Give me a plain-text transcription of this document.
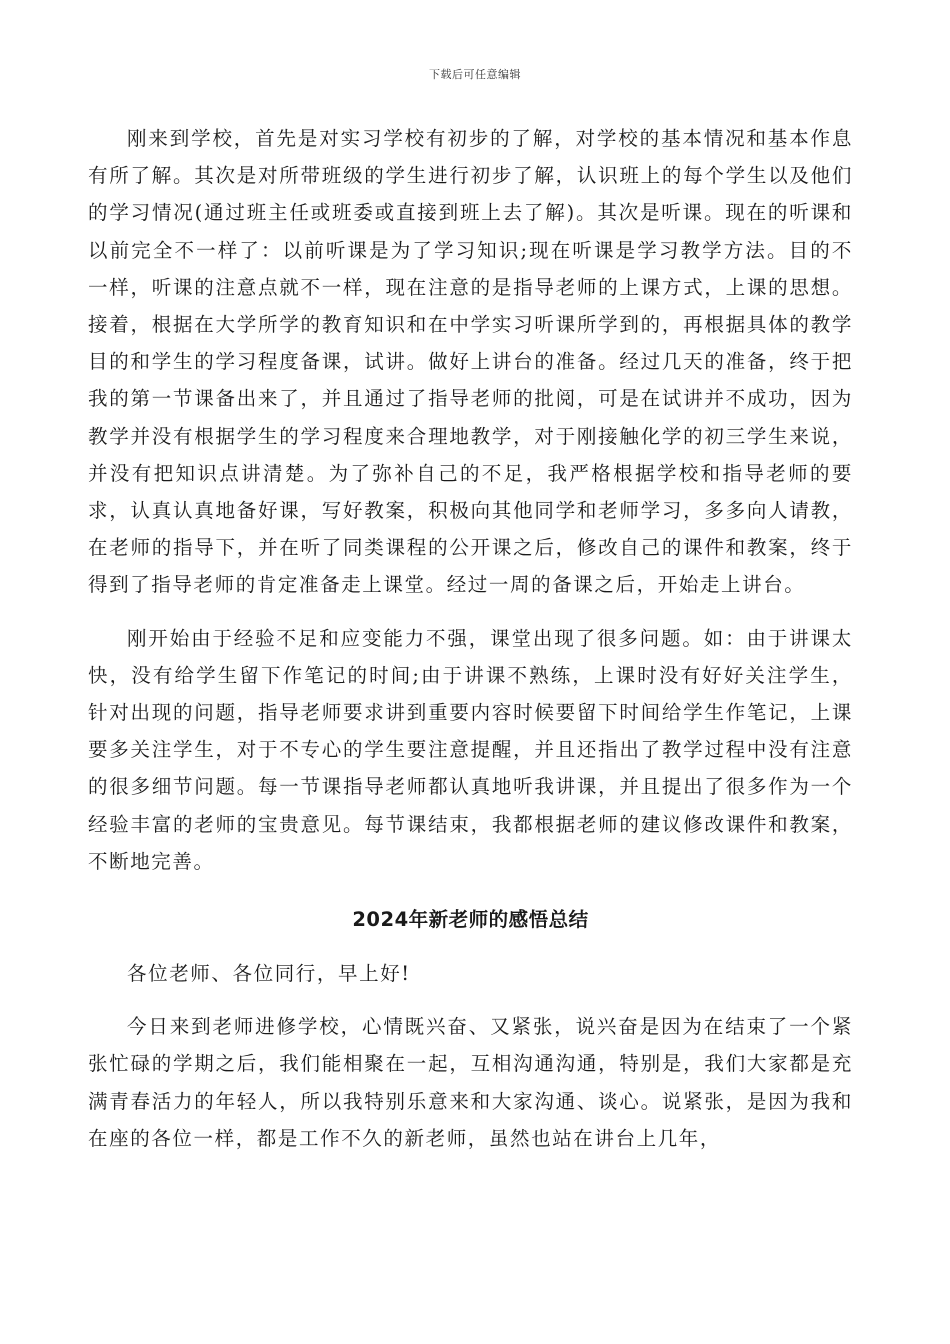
下载后可任意编辑

刚来到学校，首先是对实习学校有初步的了解，对学校的基本情况和基本作息有所了解。其次是对所带班级的学生进行初步了解，认识班上的每个学生以及他们的学习情况(通过班主任或班委或直接到班上去了解)。其次是听课。现在的听课和以前完全不一样了：以前听课是为了学习知识;现在听课是学习教学方法。目的不一样，听课的注意点就不一样，现在注意的是指导老师的上课方式，上课的思想。接着，根据在大学所学的教育知识和在中学实习听课所学到的，再根据具体的教学目的和学生的学习程度备课，试讲。做好上讲台的准备。经过几天的准备，终于把我的第一节课备出来了，并且通过了指导老师的批阅，可是在试讲并不成功，因为教学并没有根据学生的学习程度来合理地教学，对于刚接触化学的初三学生来说，并没有把知识点讲清楚。为了弥补自己的不足，我严格根据学校和指导老师的要求，认真认真地备好课，写好教案，积极向其他同学和老师学习，多多向人请教，在老师的指导下，并在听了同类课程的公开课之后，修改自己的课件和教案，终于得到了指导老师的肯定准备走上课堂。经过一周的备课之后，开始走上讲台。

刚开始由于经验不足和应变能力不强，课堂出现了很多问题。如：由于讲课太快，没有给学生留下作笔记的时间;由于讲课不熟练，上课时没有好好关注学生，针对出现的问题，指导老师要求讲到重要内容时候要留下时间给学生作笔记，上课要多关注学生，对于不专心的学生要注意提醒，并且还指出了教学过程中没有注意的很多细节问题。每一节课指导老师都认真地听我讲课，并且提出了很多作为一个经验丰富的老师的宝贵意见。每节课结束，我都根据老师的建议修改课件和教案，不断地完善。

2024年新老师的感悟总结

各位老师、各位同行，早上好!

今日来到老师进修学校，心情既兴奋、又紧张，说兴奋是因为在结束了一个紧张忙碌的学期之后，我们能相聚在一起，互相沟通沟通，特别是，我们大家都是充满青春活力的年轻人，所以我特别乐意来和大家沟通、谈心。说紧张，是因为我和在座的各位一样，都是工作不久的新老师，虽然也站在讲台上几年，
